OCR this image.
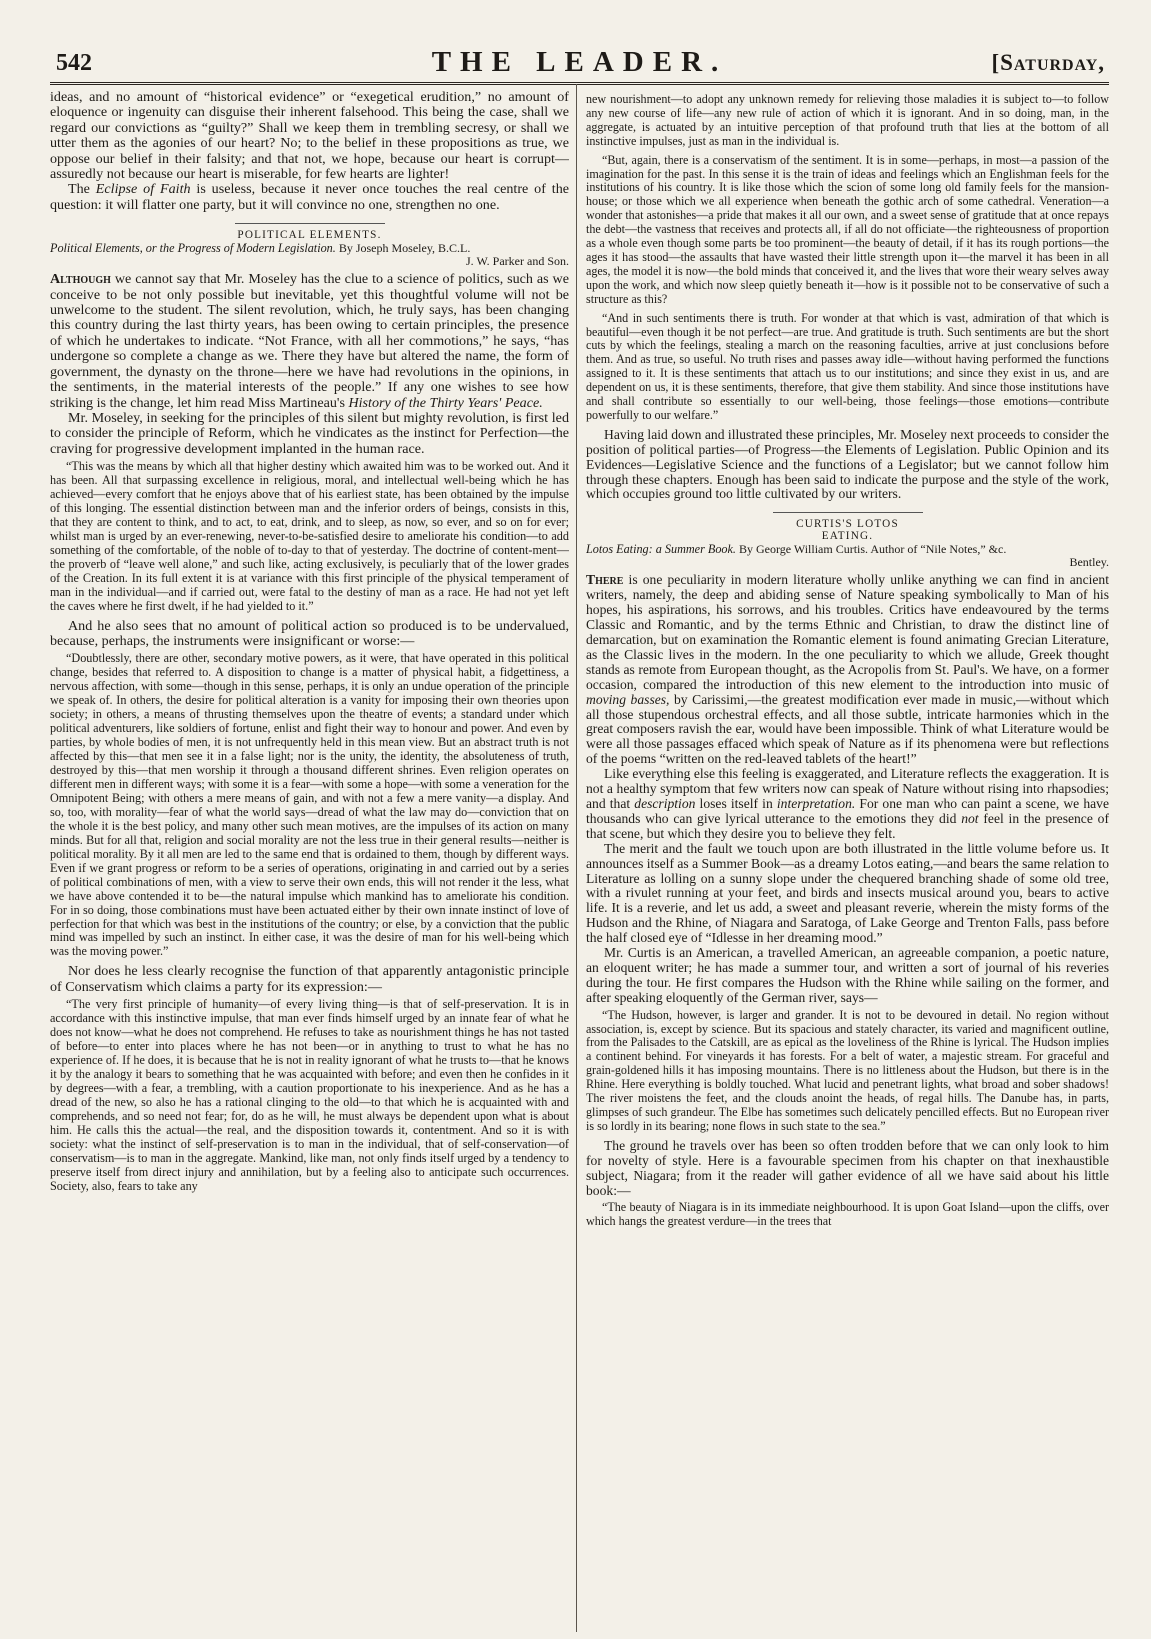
542	THE LEADER.	[Saturday,

ideas, and no amount of “historical evidence” or “exegetical erudition,” no amount of eloquence or ingenuity can disguise their inherent falsehood. This being the case, shall we regard our convictions as “guilty?” Shall we keep them in trembling secresy, or shall we utter them as the agonies of our heart? No; to the belief in these propositions as true, we oppose our belief in their falsity; and that not, we hope, because our heart is corrupt—assuredly not because our heart is miserable, for few hearts are lighter!

The Eclipse of Faith is useless, because it never once touches the real centre of the question: it will flatter one party, but it will convince no one, strengthen no one.

POLITICAL ELEMENTS.

Political Elements, or the Progress of Modern Legislation. By Joseph Moseley, B.C.L.
J. W. Parker and Son.

Although we cannot say that Mr. Moseley has the clue to a science of politics, such as we conceive to be not only possible but inevitable, yet this thoughtful volume will not be unwelcome to the student. The silent revolution, which, he truly says, has been changing this country during the last thirty years, has been owing to certain principles, the presence of which he undertakes to indicate. “Not France, with all her commotions,” he says, “has undergone so complete a change as we. There they have but altered the name, the form of government, the dynasty on the throne—here we have had revolutions in the opinions, in the sentiments, in the material interests of the people.” If any one wishes to see how striking is the change, let him read Miss Martineau's History of the Thirty Years' Peace.

Mr. Moseley, in seeking for the principles of this silent but mighty revolution, is first led to consider the principle of Reform, which he vindicates as the instinct for Perfection—the craving for progressive development implanted in the human race.

“This was the means by which all that higher destiny which awaited him was to be worked out. And it has been. All that surpassing excellence in religious, moral, and intellectual well-being which he has achieved—every comfort that he enjoys above that of his earliest state, has been obtained by the impulse of this longing. The essential distinction between man and the inferior orders of beings, consists in this, that they are content to think, and to act, to eat, drink, and to sleep, as now, so ever, and so on for ever; whilst man is urged by an ever-renewing, never-to-be-satisfied desire to ameliorate his condition—to add something of the comfortable, of the noble of to-day to that of yesterday. The doctrine of content-ment—the proverb of “leave well alone,” and such like, acting exclusively, is peculiarly that of the lower grades of the Creation. In its full extent it is at variance with this first principle of the physical temperament of man in the individual—and if carried out, were fatal to the destiny of man as a race. He had not yet left the caves where he first dwelt, if he had yielded to it.”

And he also sees that no amount of political action so produced is to be undervalued, because, perhaps, the instruments were insignificant or worse:—

“Doubtlessly, there are other, secondary motive powers, as it were, that have operated in this political change, besides that referred to. A disposition to change is a matter of physical habit, a fidgettiness, a nervous affection, with some—though in this sense, perhaps, it is only an undue operation of the principle we speak of. In others, the desire for political alteration is a vanity for imposing their own theories upon society; in others, a means of thrusting themselves upon the theatre of events; a standard under which political adventurers, like soldiers of fortune, enlist and fight their way to honour and power. And even by parties, by whole bodies of men, it is not unfrequently held in this mean view. But an abstract truth is not affected by this—that men see it in a false light; nor is the unity, the identity, the absoluteness of truth, destroyed by this—that men worship it through a thousand different shrines. Even religion operates on different men in different ways; with some it is a fear—with some a hope—with some a veneration for the Omnipotent Being; with others a mere means of gain, and with not a few a mere vanity—a display. And so, too, with morality—fear of what the world says—dread of what the law may do—conviction that on the whole it is the best policy, and many other such mean motives, are the impulses of its action on many minds. But for all that, religion and social morality are not the less true in their general results—neither is political morality. By it all men are led to the same end that is ordained to them, though by different ways. Even if we grant progress or reform to be a series of operations, originating in and carried out by a series of political combinations of men, with a view to serve their own ends, this will not render it the less, what we have above contended it to be—the natural impulse which mankind has to ameliorate his condition. For in so doing, those combinations must have been actuated either by their own innate instinct of love of perfection for that which was best in the institutions of the country; or else, by a conviction that the public mind was impelled by such an instinct. In either case, it was the desire of man for his well-being which was the moving power.”

Nor does he less clearly recognise the function of that apparently antagonistic principle of Conservatism which claims a party for its expression:—

“The very first principle of humanity—of every living thing—is that of self-preservation. It is in accordance with this instinctive impulse, that man ever finds himself urged by an innate fear of what he does not know—what he does not comprehend. He refuses to take as nourishment things he has not tasted of before—to enter into places where he has not been—or in anything to trust to what he has no experience of. If he does, it is because that he is not in reality ignorant of what he trusts to—that he knows it by the analogy it bears to something that he was acquainted with before; and even then he confides in it by degrees—with a fear, a trembling, with a caution proportionate to his inexperience. And as he has a dread of the new, so also he has a rational clinging to the old—to that which he is acquainted with and comprehends, and so need not fear; for, do as he will, he must always be dependent upon what is about him. He calls this the actual—the real, and the disposition towards it, contentment. And so it is with society: what the instinct of self-preservation is to man in the individual, that of self-conservation—of conservatism—is to man in the aggregate. Mankind, like man, not only finds itself urged by a tendency to preserve itself from direct injury and annihilation, but by a feeling also to anticipate such occurrences. Society, also, fears to take any

new nourishment—to adopt any unknown remedy for relieving those maladies it is subject to—to follow any new course of life—any new rule of action of which it is ignorant. And in so doing, man, in the aggregate, is actuated by an intuitive perception of that profound truth that lies at the bottom of all instinctive impulses, just as man in the individual is.

“But, again, there is a conservatism of the sentiment. It is in some—perhaps, in most—a passion of the imagination for the past. In this sense it is the train of ideas and feelings which an Englishman feels for the institutions of his country. It is like those which the scion of some long old family feels for the mansion-house; or those which we all experience when beneath the gothic arch of some cathedral. Veneration—a wonder that astonishes—a pride that makes it all our own, and a sweet sense of gratitude that at once repays the debt—the vastness that receives and protects all, if all do not officiate—the righteousness of proportion as a whole even though some parts be too prominent—the beauty of detail, if it has its rough portions—the ages it has stood—the assaults that have wasted their little strength upon it—the marvel it has been in all ages, the model it is now—the bold minds that conceived it, and the lives that wore their weary selves away upon the work, and which now sleep quietly beneath it—how is it possible not to be conservative of such a structure as this?

“And in such sentiments there is truth. For wonder at that which is vast, admiration of that which is beautiful—even though it be not perfect—are true. And gratitude is truth. Such sentiments are but the short cuts by which the feelings, stealing a march on the reasoning faculties, arrive at just conclusions before them. And as true, so useful. No truth rises and passes away idle—without having performed the functions assigned to it. It is these sentiments that attach us to our institutions; and since they exist in us, and are dependent on us, it is these sentiments, therefore, that give them stability. And since those institutions have and shall contribute so essentially to our well-being, those feelings—those emotions—contribute powerfully to our welfare.”

Having laid down and illustrated these principles, Mr. Moseley next proceeds to consider the position of political parties—of Progress—the Elements of Legislation. Public Opinion and its Evidences—Legislative Science and the functions of a Legislator; but we cannot follow him through these chapters. Enough has been said to indicate the purpose and the style of the work, which occupies ground too little cultivated by our writers.

CURTIS'S LOTOS EATING.

Lotos Eating: a Summer Book. By George William Curtis. Author of “Nile Notes,” &c.
Bentley.

There is one peculiarity in modern literature wholly unlike anything we can find in ancient writers, namely, the deep and abiding sense of Nature speaking symbolically to Man of his hopes, his aspirations, his sorrows, and his troubles. Critics have endeavoured by the terms Classic and Romantic, and by the terms Ethnic and Christian, to draw the distinct line of demarcation, but on examination the Romantic element is found animating Grecian Literature, as the Classic lives in the modern. In the one peculiarity to which we allude, Greek thought stands as remote from European thought, as the Acropolis from St. Paul's. We have, on a former occasion, compared the introduction of this new element to the introduction into music of moving basses, by Carissimi,—the greatest modification ever made in music,—without which all those stupendous orchestral effects, and all those subtle, intricate harmonies which in the great composers ravish the ear, would have been impossible. Think of what Literature would be were all those passages effaced which speak of Nature as if its phenomena were but reflections of the poems “written on the red-leaved tablets of the heart!”

Like everything else this feeling is exaggerated, and Literature reflects the exaggeration. It is not a healthy symptom that few writers now can speak of Nature without rising into rhapsodies; and that description loses itself in interpretation. For one man who can paint a scene, we have thousands who can give lyrical utterance to the emotions they did not feel in the presence of that scene, but which they desire you to believe they felt.

The merit and the fault we touch upon are both illustrated in the little volume before us. It announces itself as a Summer Book—as a dreamy Lotos eating,—and bears the same relation to Literature as lolling on a sunny slope under the chequered branching shade of some old tree, with a rivulet running at your feet, and birds and insects musical around you, bears to active life. It is a reverie, and let us add, a sweet and pleasant reverie, wherein the misty forms of the Hudson and the Rhine, of Niagara and Saratoga, of Lake George and Trenton Falls, pass before the half closed eye of “Idlesse in her dreaming mood.”

Mr. Curtis is an American, a travelled American, an agreeable companion, a poetic nature, an eloquent writer; he has made a summer tour, and written a sort of journal of his reveries during the tour. He first compares the Hudson with the Rhine while sailing on the former, and after speaking eloquently of the German river, says—

“The Hudson, however, is larger and grander. It is not to be devoured in detail. No region without association, is, except by science. But its spacious and stately character, its varied and magnificent outline, from the Palisades to the Catskill, are as epical as the loveliness of the Rhine is lyrical. The Hudson implies a continent behind. For vineyards it has forests. For a belt of water, a majestic stream. For graceful and grain-goldened hills it has imposing mountains. There is no littleness about the Hudson, but there is in the Rhine. Here everything is boldly touched. What lucid and penetrant lights, what broad and sober shadows! The river moistens the feet, and the clouds anoint the heads, of regal hills. The Danube has, in parts, glimpses of such grandeur. The Elbe has sometimes such delicately pencilled effects. But no European river is so lordly in its bearing; none flows in such state to the sea.”

The ground he travels over has been so often trodden before that we can only look to him for novelty of style. Here is a favourable specimen from his chapter on that inexhaustible subject, Niagara; from it the reader will gather evidence of all we have said about his little book:—

“The beauty of Niagara is in its immediate neighbourhood. It is upon Goat Island—upon the cliffs, over which hangs the greatest verdure—in the trees that
